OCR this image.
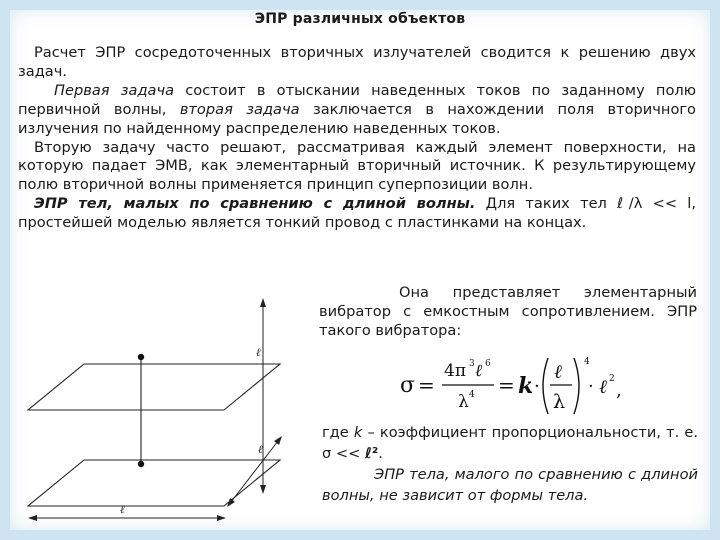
ЭПР различных объектов

Расчет ЭПР сосредоточенных вторичных излучателей сводится к решению двух задач.

Первая задача состоит в отыскании наведенных токов по заданному полю первичной волны, вторая задача заключается в нахождении поля вторичного излучения по найденному распределению наведенных токов.

Вторую задачу часто решают, рассматривая каждый элемент поверхности, на которую падает ЭМВ, как элементарный вторичный источник. К результирующему полю вторичной волны применяется принцип суперпозиции волн.

ЭПР тел, малых по сравнению с длиной волны. Для таких тел ℓ/λ << l, простейшей моделью является тонкий провод с пластинками на концах.

ℓ
ℓ
ℓ

Она представляет элементарный вибратор с емкостным сопротивлением. ЭПР такого вибратора:

σ =
4π 3 ℓ 6
λ 4 = k ·
ℓ
λ
4
· ℓ 2
,

где k – коэффициент пропорциональности, т. е. σ << ℓ².

ЭПР тела, малого по сравнению с длиной волны, не зависит от формы тела.
